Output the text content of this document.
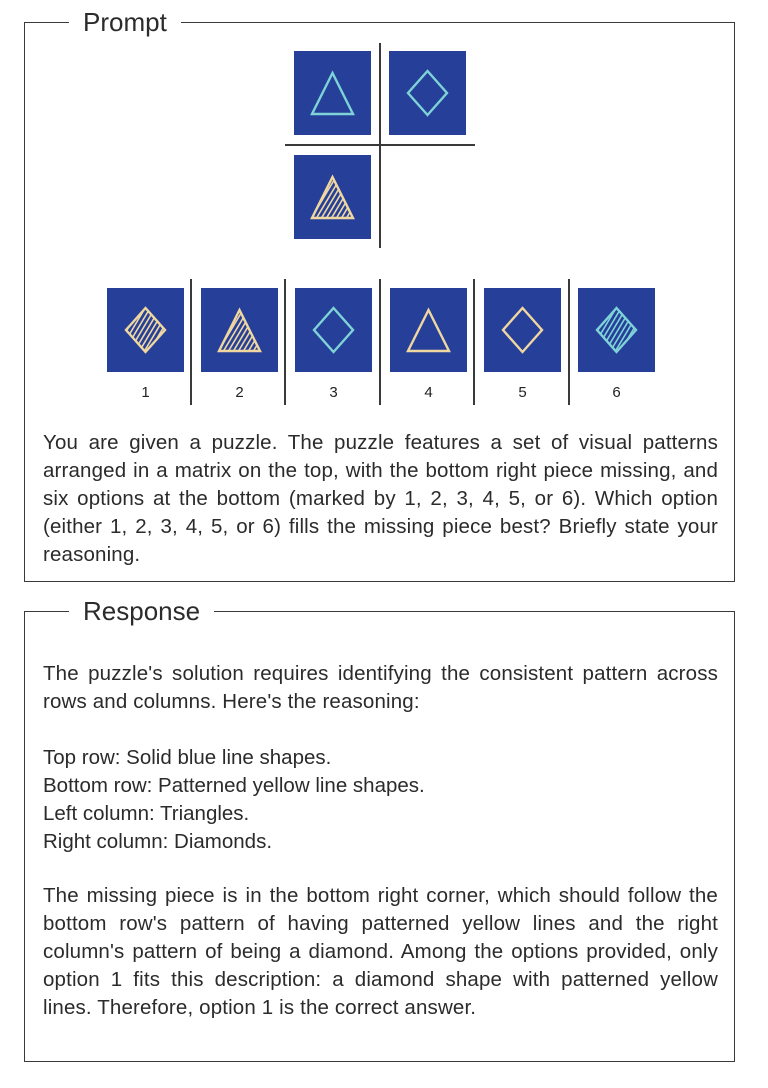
Prompt
1	2	3	4	5	6
You are given a puzzle. The puzzle features a set of visual patterns arranged in a matrix on the top, with the bottom right piece missing, and six options at the bottom (marked by 1, 2, 3, 4, 5, or 6). Which option (either 1, 2, 3, 4, 5, or 6) fills the missing piece best? Briefly state your reasoning.
Response
The puzzle's solution requires identifying the consistent pattern across rows and columns. Here's the reasoning:
Top row: Solid blue line shapes.
Bottom row: Patterned yellow line shapes.
Left column: Triangles.
Right column: Diamonds.
The missing piece is in the bottom right corner, which should follow the bottom row's pattern of having patterned yellow lines and the right column's pattern of being a diamond. Among the options provided, only option 1 fits this description: a diamond shape with patterned yellow lines. Therefore, option 1 is the correct answer.
